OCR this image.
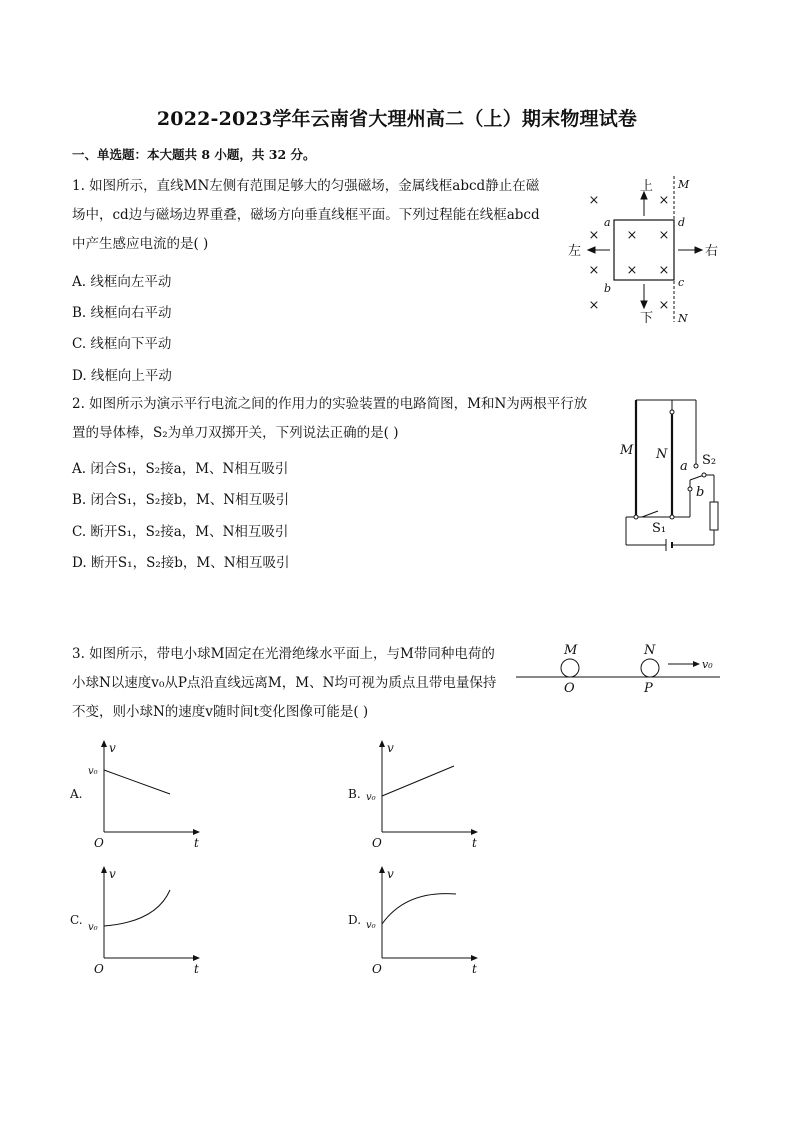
2022-2023学年云南省大理州高二（上）期末物理试卷
一、单选题：本大题共 8 小题，共 32 分。
1. 如图所示，直线MN左侧有范围足够大的匀强磁场，金属线框abcd静止在磁
场中，cd边与磁场边界重叠，磁场方向垂直线框平面。下列过程能在线框abcd
中产生感应电流的是( )
A. 线框向左平动
B. 线框向右平动
C. 线框向下平动
D. 线框向上平动
×	×
× × ×
× × ×
×	×
上
下
左	右
a	d
b	c
M
N
2. 如图所示为演示平行电流之间的作用力的实验装置的电路简图，M和N为两根平行放
置的导体棒，S₂为单刀双掷开关，下列说法正确的是( )
A. 闭合S₁，S₂接a，M、N相互吸引
B. 闭合S₁，S₂接b，M、N相互吸引
C. 断开S₁，S₂接a，M、N相互吸引
D. 断开S₁，S₂接b，M、N相互吸引
M N
a
b
S₂
S₁
3. 如图所示，带电小球M固定在光滑绝缘水平面上，与M带同种电荷的
小球N以速度v₀从P点沿直线远离M，M、N均可视为质点且带电量保持
不变，则小球N的速度v随时间t变化图像可能是( )
M	N
O	P
v₀
A.
v
t
O
v₀
B.
v
t
O
v₀
C.
v
t
O
v₀
D.
v
t
O
v₀
